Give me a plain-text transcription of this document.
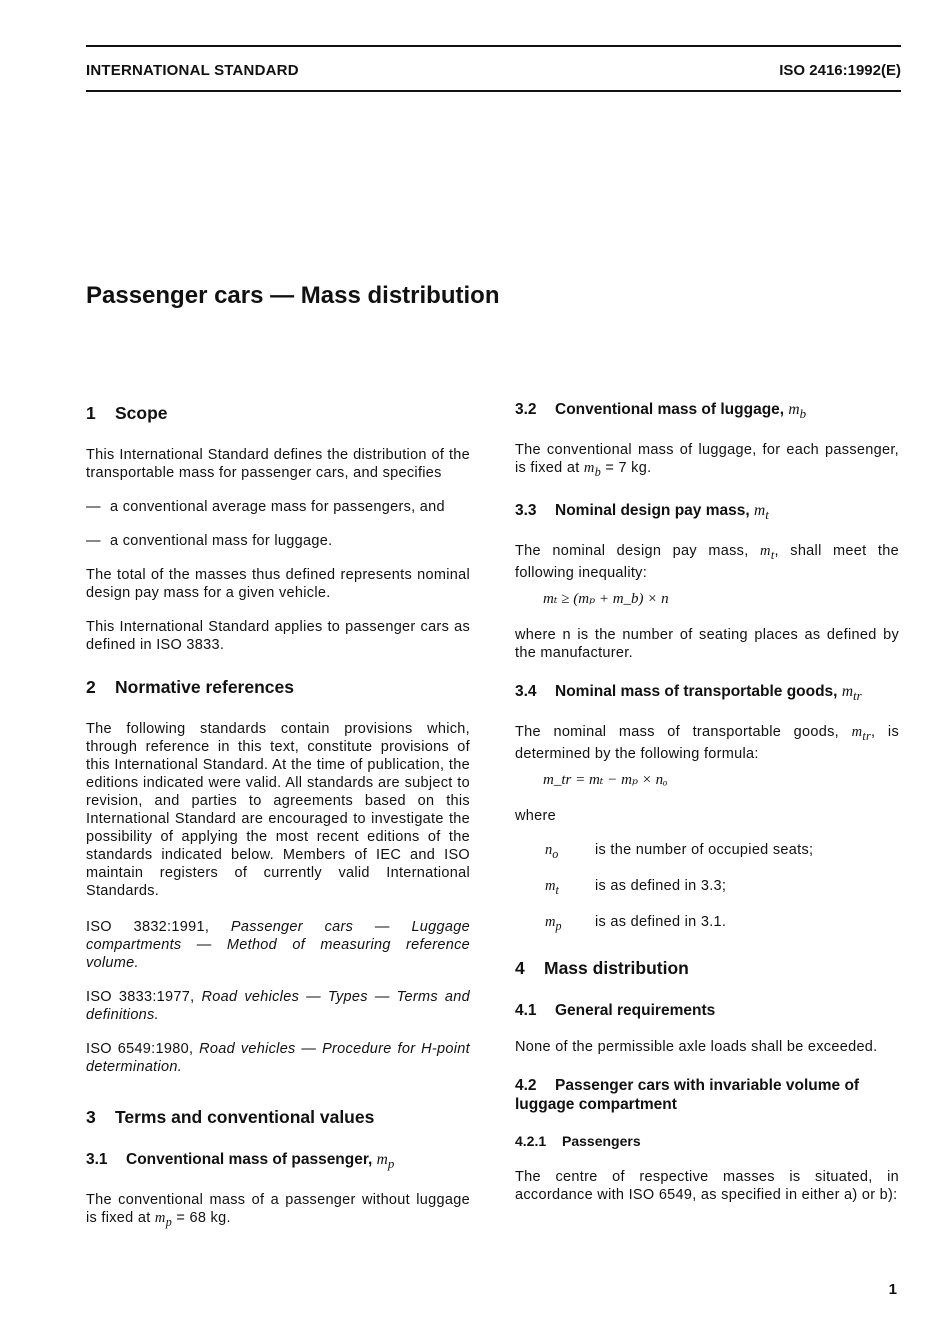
INTERNATIONAL STANDARD	ISO 2416:1992(E)
Passenger cars — Mass distribution
1 Scope

This International Standard defines the distribution of the transportable mass for passenger cars, and specifies

— a conventional average mass for passengers, and
— a conventional mass for luggage.

The total of the masses thus defined represents nominal design pay mass for a given vehicle.

This International Standard applies to passenger cars as defined in ISO 3833.

2 Normative references

The following standards contain provisions which, through reference in this text, constitute provisions of this International Standard. At the time of publication, the editions indicated were valid. All standards are subject to revision, and parties to agreements based on this International Standard are encouraged to investigate the possibility of applying the most recent editions of the standards indicated below. Members of IEC and ISO maintain registers of currently valid International Standards.

ISO 3832:1991, Passenger cars — Luggage compartments — Method of measuring reference volume.

ISO 3833:1977, Road vehicles — Types — Terms and definitions.

ISO 6549:1980, Road vehicles — Procedure for H-point determination.

3 Terms and conventional values
3.1 Conventional mass of passenger, $m_p$

The conventional mass of a passenger without luggage is fixed at $m_p = 68$ kg.

3.2 Conventional mass of luggage, $m_b$

The conventional mass of luggage, for each passenger, is fixed at $m_b = 7$ kg.

3.3 Nominal design pay mass, $m_t$

The nominal design pay mass, $m_t$, shall meet the following inequality:

mₜ ≥ (mₚ + m_b) × n

where n is the number of seating places as defined by the manufacturer.

3.4 Nominal mass of transportable goods, $m_{tr}$

The nominal mass of transportable goods, $m_{tr}$, is determined by the following formula:

m_tr = mₜ − mₚ × nₒ

where

$n_o$	is the number of occupied seats;
$m_t$	is as defined in 3.3;
$m_p$	is as defined in 3.1.
4 Mass distribution
4.1 General requirements

None of the permissible axle loads shall be exceeded.

4.2 Passenger cars with invariable volume of luggage compartment
4.2.1 Passengers

The centre of respective masses is situated, in accordance with ISO 6549, as specified in either a) or b):

1
